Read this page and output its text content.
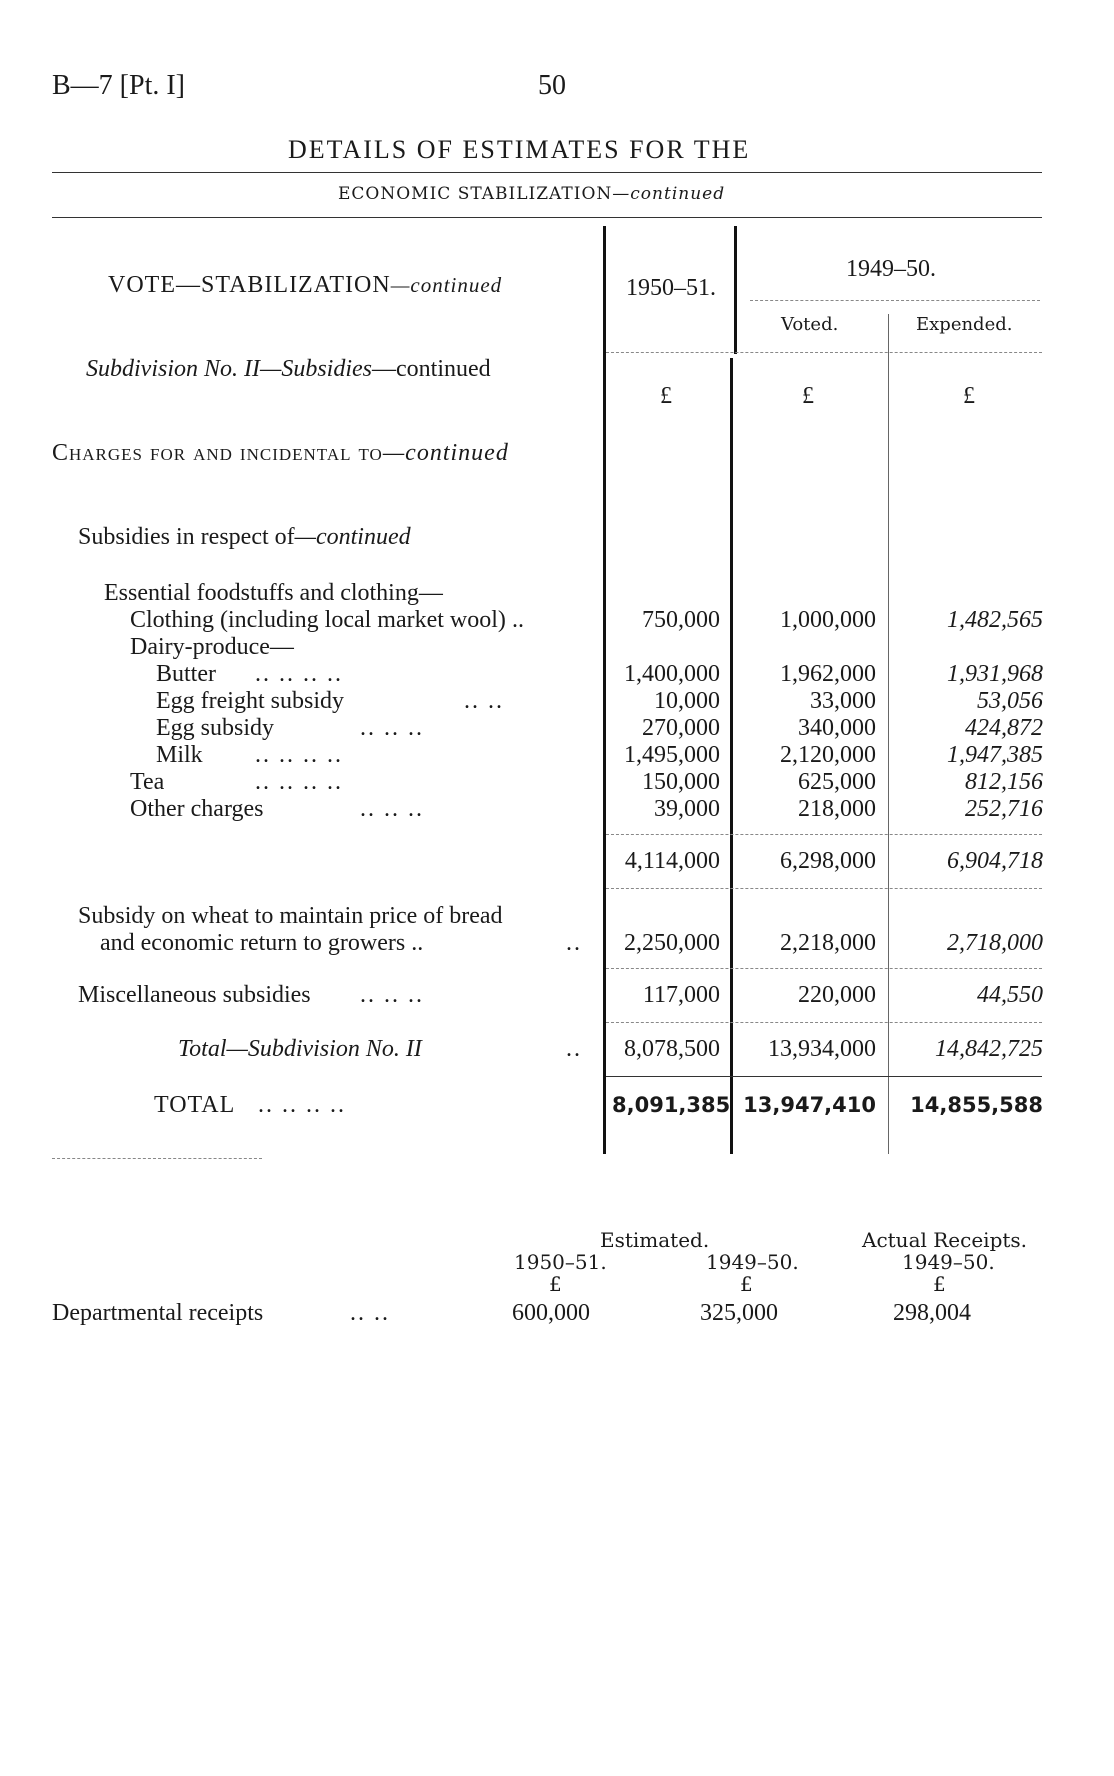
B—7 [Pt. I]	50
DETAILS OF ESTIMATES FOR THE
ECONOMIC STABILIZATION—continued
VOTE—STABILIZATION—continued	1950–51.
1949–50.
Voted.	Expended.
Subdivision No. II—Subsidies—continued
£	£	£
Charges for and incidental to—continued
Subsidies in respect of—continued
Essential foodstuffs and clothing—
Clothing (including local market wool) ..	750,000	1,000,000	1,482,565
Dairy-produce—
Butter .. .. .. ..	1,400,000	1,962,000	1,931,968
Egg freight subsidy	.. ..	10,000	33,000	53,056
Egg subsidy	.. .. ..	270,000	340,000	424,872
Milk .. .. .. ..	1,495,000	2,120,000	1,947,385
Tea	.. .. .. ..	150,000	625,000	812,156
Other charges	.. .. ..	39,000	218,000	252,716
4,114,000	6,298,000	6,904,718
Subsidy on wheat to maintain price of bread
and economic return to growers ..	..	2,250,000	2,218,000	2,718,000
Miscellaneous subsidies .. .. ..	117,000	220,000	44,550
Total—Subdivision No. II	..	8,078,500	13,934,000	14,842,725
TOTAL .. .. .. ..	8,091,385 13,947,410	14,855,588
Estimated.	Actual Receipts.
1950–51.	1949–50.	1949–50.
£	£	£
Departmental receipts	.. ..	600,000	325,000	298,004
